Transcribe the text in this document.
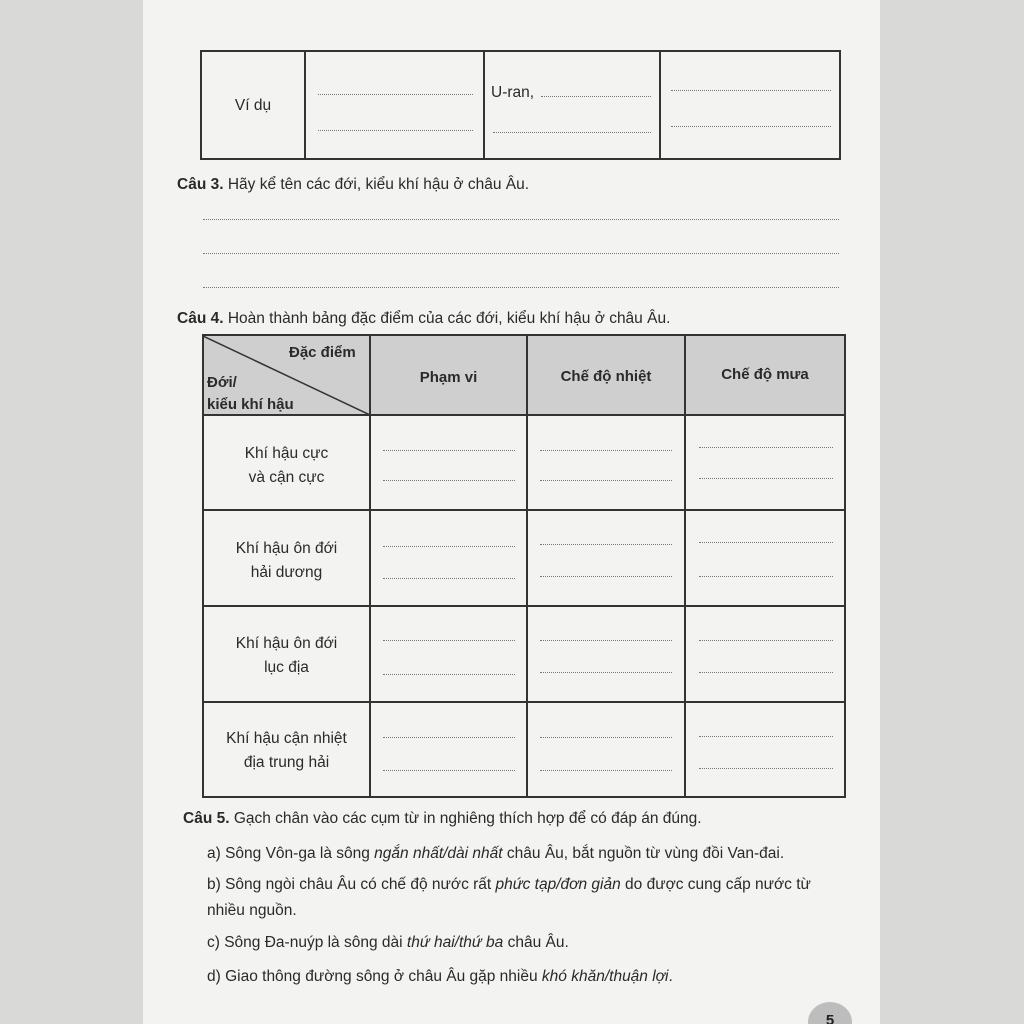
Ví dụ
U-ran,
Câu 3. Hãy kể tên các đới, kiểu khí hậu ở châu Âu.
Câu 4. Hoàn thành bảng đặc điểm của các đới, kiểu khí hậu ở châu Âu.
Đặc điểm
Đới/
kiểu khí hậu
Phạm vi	Chế độ nhiệt	Chế độ mưa
Khí hậu cực
và cận cực
Khí hậu ôn đới
hải dương
Khí hậu ôn đới
lục địa
Khí hậu cận nhiệt
địa trung hải
Câu 5. Gạch chân vào các cụm từ in nghiêng thích hợp để có đáp án đúng.
a) Sông Vôn-ga là sông ngắn nhất/dài nhất châu Âu, bắt nguồn từ vùng đồi Van-đai.
b) Sông ngòi châu Âu có chế độ nước rất phức tạp/đơn giản do được cung cấp nước từ nhiều nguồn.
c) Sông Đa-nuýp là sông dài thứ hai/thứ ba châu Âu.
d) Giao thông đường sông ở châu Âu gặp nhiều khó khăn/thuận lợi.
5
